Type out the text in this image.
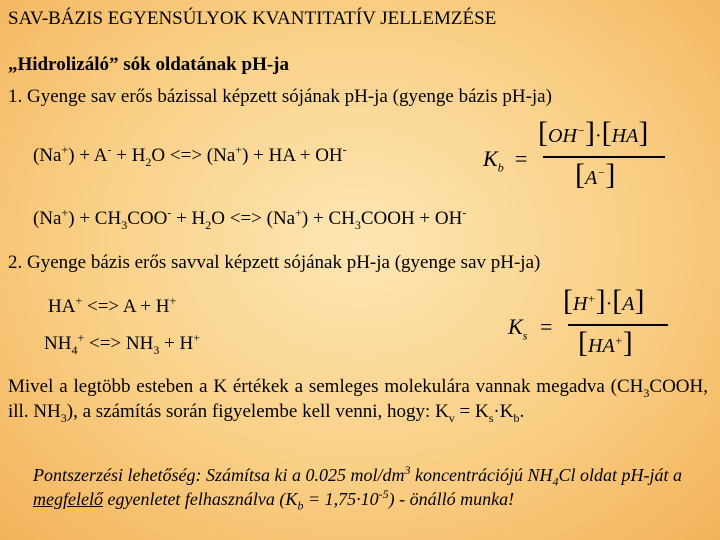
SAV-BÁZIS EGYENSÚLYOK KVANTITATÍV JELLEMZÉSE
„Hidrolizáló” sók oldatának pH-ja
1. Gyenge sav erős bázissal képzett sójának pH-ja (gyenge bázis pH-ja)
$(Na^+) + A^- + H_2O$ <=> (Na+) + HA + OH-
$(Na^+) + CH_3COO^- + H_2O$ <=> $(Na^+) + CH_3COOH + OH^-$
$K_b$ =
[OH−]·[HA]
[A−]
2. Gyenge bázis erős savval képzett sójának pH-ja (gyenge sav pH-ja)
HA+ <=> A + H+
$NH_4^+$ <=> $NH_3 + H^+$	$K_s$ =
[H+]·[A]
[HA+]
Mivel a legtöbb esteben a K értékek a semleges molekulára vannak megadva ($CH_3COOH$, ill. $NH_3$), a számítás során figyelembe kell venni, hogy: $K_v = K_s\cdot K_b$.
Pontszerzési lehetőség: Számítsa ki a 0.025 mol/$dm^3$ koncentrációjú $NH_4Cl$ oldat pH-ját a megfelelő egyenletet felhasználva $(K_b = 1,75\cdot 10^{-5})$ - önálló munka!
